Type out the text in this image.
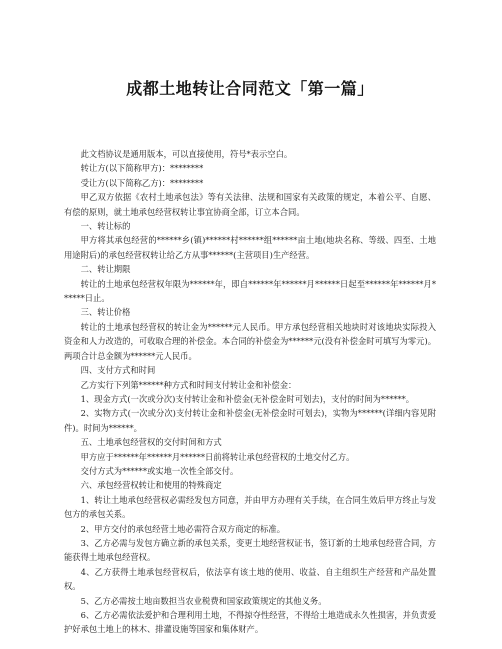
成都土地转让合同范文「第一篇」

此文档协议是通用版本，可以直接使用，符号*表示空白。

转让方(以下简称甲方)：********

受让方(以下简称乙方)：********

甲乙双方依据《农村土地承包法》等有关法律、法规和国家有关政策的规定，本着公平、自愿、有偿的原则，就土地承包经营权转让事宜协商全部，订立本合同。

一、转让标的

甲方将其承包经营的******乡(镇)******村******组******亩土地(地块名称、等级、四至、土地用途附后)的承包经营权转让给乙方从事******(主营项目)生产经营。

二、转让期限

转让的土地承包经营权年限为******年，即自******年******月******日起至******年******月******日止。

三、转让价格

转让的土地承包经营权的转让金为******元人民币。甲方承包经营相关地块时对该地块实际投入资金和人力改造的，可收取合理的补偿金。本合同的补偿金为******元(没有补偿金时可填写为零元)。两项合计总金额为******元人民币。

四、支付方式和时间

乙方实行下列第******种方式和时间支付转让金和补偿金：

1、现金方式(一次或分次)支付转让金和补偿金(无补偿金时可划去)，支付的时间为******。

2、实物方式(一次或分次)支付转让金和补偿金(无补偿金时可划去)，实物为******(详细内容见附件)。时间为******。

五、土地承包经营权的交付时间和方式

甲方应于******年******月******日前将转让承包经营权的土地交付乙方。

交付方式为******或实地一次性全部交付。

六、承包经营权转让和使用的特殊商定

1、转让土地承包经营权必需经发包方同意，并由甲方办理有关手续，在合同生效后甲方终止与发包方的承包关系。

2、甲方交付的承包经营土地必需符合双方商定的标准。

3、乙方必需与发包方确立新的承包关系，变更土地经营权证书，签订新的土地承包经营合同，方能获得土地承包经营权。

4、乙方获得土地承包经营权后，依法享有该土地的使用、收益、自主组织生产经营和产品处置权。

5、乙方必需按土地亩数担当农业税费和国家政策规定的其他义务。

6、乙方必需依法爱护和合理利用土地，不得掠夺性经营，不得给土地造成永久性损害，并负责爱护好承包土地上的林木、排灌设施等国家和集体财产。
